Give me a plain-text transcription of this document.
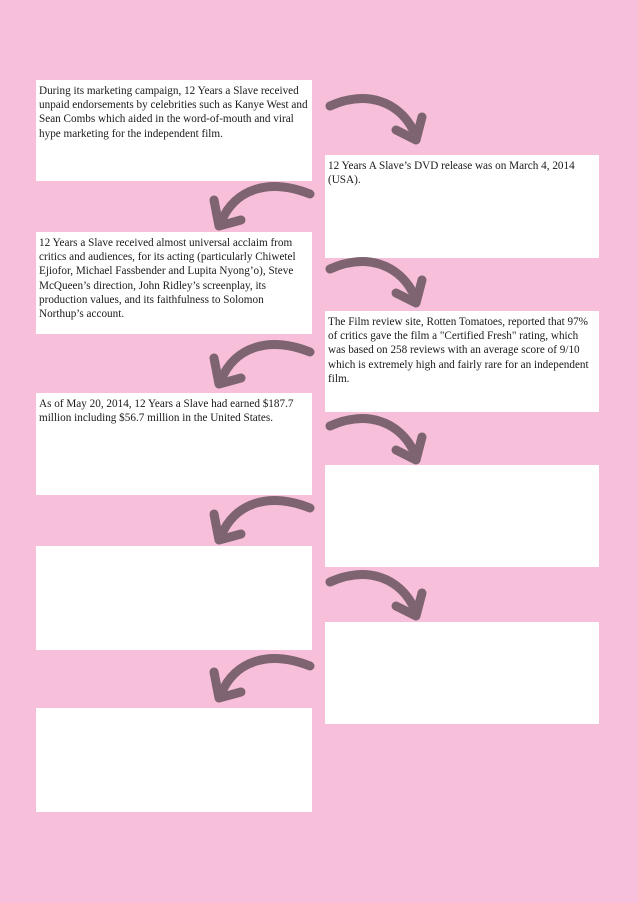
During its marketing campaign, 12 Years a Slave received unpaid endorsements by celebrities such as Kanye West and Sean Combs which aided in the word-of-mouth and viral hype marketing for the independent film.
12 Years A Slave’s DVD release was on March 4, 2014 (USA).
12 Years a Slave received almost universal acclaim from critics and audiences, for its acting (particularly Chiwetel Ejiofor, Michael Fassbender and Lupita Nyong’o), Steve McQueen’s direction, John Ridley’s screenplay, its production values, and its faithfulness to Solomon Northup’s account.
The Film review site, Rotten Tomatoes, reported that 97% of critics gave the film a "Certified Fresh" rating, which was based on 258 reviews with an average score of 9/10 which is extremely high and fairly rare for an independent film.
As of May 20, 2014, 12 Years a Slave had earned $187.7 million including $56.7 million in the United States.
